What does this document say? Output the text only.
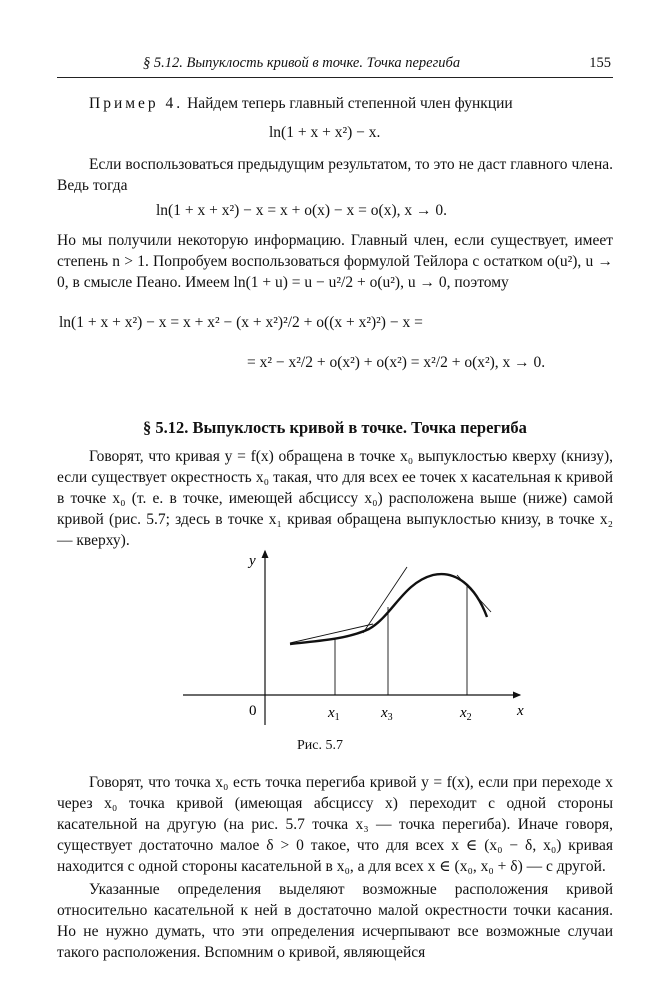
§ 5.12. Выпуклость кривой в точке. Точка перегиба	155

Пример 4. Найдем теперь главный степенной член функции

ln(1 + x + x²) − x.

Если воспользоваться предыдущим результатом, то это не даст главного члена. Ведь тогда

ln(1 + x + x²) − x = x + o(x) − x = o(x), x → 0.

Но мы получили некоторую информацию. Главный член, если существует, имеет степень n > 1. Попробуем воспользоваться формулой Тейлора с остатком o(u²), u → 0, в смысле Пеано. Имеем ln(1 + u) = u − u²/2 + o(u²), u → 0, поэтому

ln(1 + x + x²) − x = x + x² − (x + x²)²/2 + o((x + x²)²) − x =
= x² − x²/2 + o(x²) + o(x²) = x²/2 + o(x²), x → 0.
§ 5.12. Выпуклость кривой в точке. Точка перегиба

Говорят, что кривая y = f(x) обращена в точке x₀ выпуклостью кверху (книзу), если существует окрестность x₀ такая, что для всех ее точек x касательная к кривой в точке x₀ (т. е. в точке, имеющей абсциссу x₀) расположена выше (ниже) самой кривой (рис. 5.7; здесь в точке x₁ кривая обращена выпуклостью книзу, в точке x₂ — кверху).

0
y
x
$x_1$	$x_3$	$x_2$
Рис. 5.7

Говорят, что точка x₀ есть точка перегиба кривой y = f(x), если при переходе x через x₀ точка кривой (имеющая абсциссу x) переходит с одной стороны касательной на другую (на рис. 5.7 точка x₃ — точка перегиба). Иначе говоря, существует достаточно малое δ > 0 такое, что для всех x ∈ (x₀ − δ, x₀) кривая находится с одной стороны касательной в x₀, а для всех x ∈ (x₀, x₀ + δ) — с другой.

Указанные определения выделяют возможные расположения кривой относительно касательной к ней в достаточно малой окрестности точки касания. Но не нужно думать, что эти определения исчерпывают все возможные случаи такого расположения. Вспомним о кривой, являющейся
